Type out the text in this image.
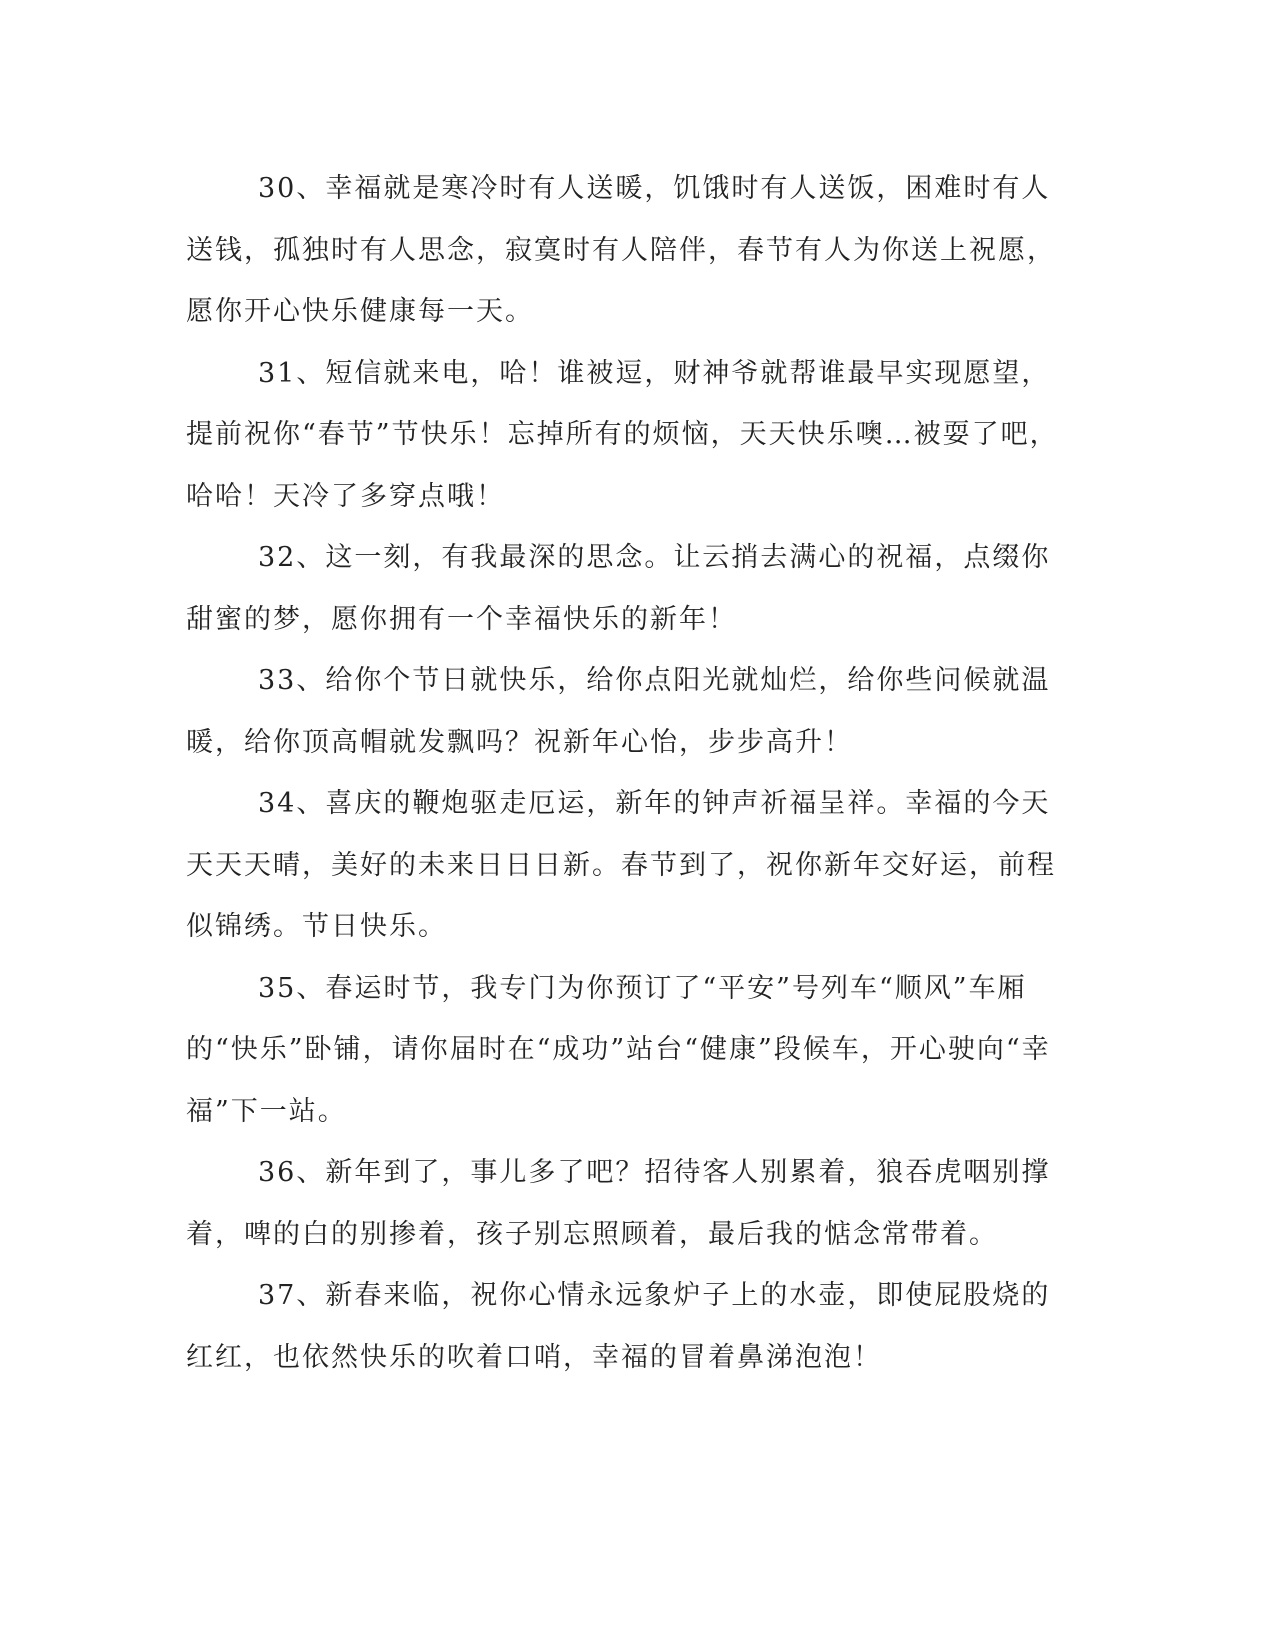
30、幸福就是寒冷时有人送暖，饥饿时有人送饭，困难时有人送钱，孤独时有人思念，寂寞时有人陪伴，春节有人为你送上祝愿，愿你开心快乐健康每一天。

31、短信就来电，哈！谁被逗，财神爷就帮谁最早实现愿望，提前祝你“春节”节快乐！忘掉所有的烦恼，天天快乐噢…被耍了吧，哈哈！天冷了多穿点哦！

32、这一刻，有我最深的思念。让云捎去满心的祝福，点缀你甜蜜的梦，愿你拥有一个幸福快乐的新年！

33、给你个节日就快乐，给你点阳光就灿烂，给你些问候就温暖，给你顶高帽就发飘吗？祝新年心怡，步步高升！

34、喜庆的鞭炮驱走厄运，新年的钟声祈福呈祥。幸福的今天天天天晴，美好的未来日日日新。春节到了，祝你新年交好运，前程似锦绣。节日快乐。

35、春运时节，我专门为你预订了“平安”号列车“顺风”车厢的“快乐”卧铺，请你届时在“成功”站台“健康”段候车，开心驶向“幸福”下一站。

36、新年到了，事儿多了吧？招待客人别累着，狼吞虎咽别撑着，啤的白的别掺着，孩子别忘照顾着，最后我的惦念常带着。

37、新春来临，祝你心情永远象炉子上的水壶，即使屁股烧的红红，也依然快乐的吹着口哨，幸福的冒着鼻涕泡泡！
